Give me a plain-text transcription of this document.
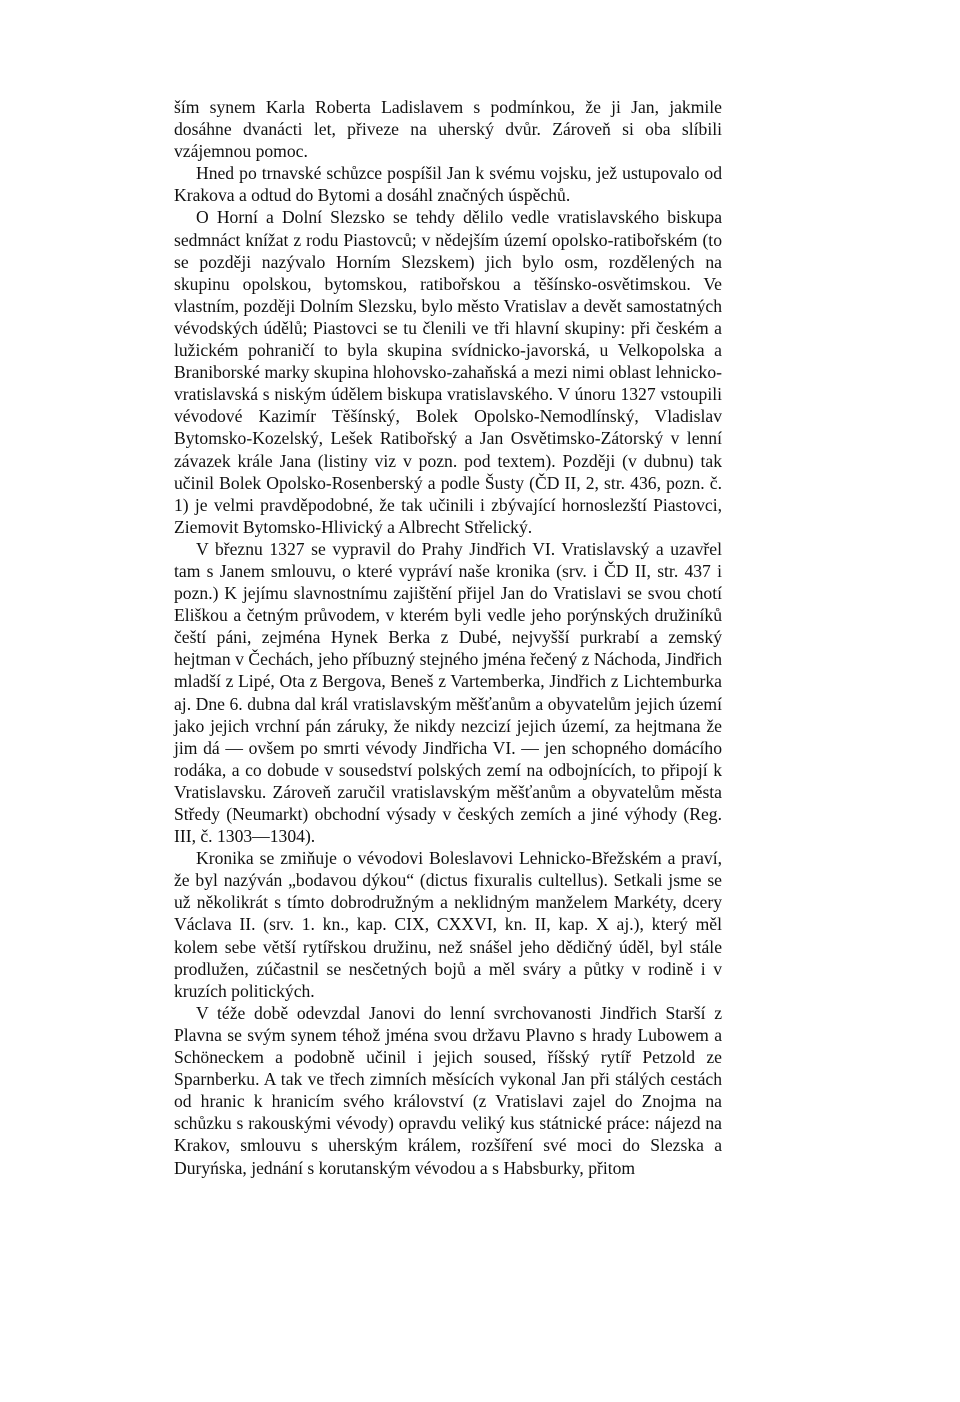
ším synem Karla Roberta Ladislavem s podmínkou, že ji Jan, jakmile dosáhne dvanácti let, přiveze na uherský dvůr. Zároveň si oba slíbili vzájemnou pomoc.

Hned po trnavské schůzce pospíšil Jan k svému vojsku, jež ustupovalo od Krakova a odtud do Bytomi a dosáhl značných úspěchů.

O Horní a Dolní Slezsko se tehdy dělilo vedle vratislavského biskupa sedmnáct knížat z rodu Piastovců; v nědejším území opolsko-ratibořském (to se později nazývalo Horním Slezskem) jich bylo osm, rozdělených na skupinu opolskou, bytomskou, ratibořskou a těšínsko-osvětimskou. Ve vlastním, později Dolním Slezsku, bylo město Vratislav a devět samostatných vévodských údělů; Piastovci se tu členili ve tři hlavní skupiny: při českém a lužickém pohraničí to byla skupina svídnicko-javorská, u Velkopolska a Braniborské marky skupina hlohovsko-zahaňská a mezi nimi oblast lehnicko-vratislavská s niským údělem biskupa vratislavského. V únoru 1327 vstoupili vévodové Kazimír Těšínský, Bolek Opolsko-Nemodlínský, Vladislav Bytomsko-Kozelský, Lešek Ratibořský a Jan Osvětimsko-Zátorský v lenní závazek krále Jana (listiny viz v pozn. pod textem). Později (v dubnu) tak učinil Bolek Opolsko-Rosenberský a podle Šusty (ČD II, 2, str. 436, pozn. č. 1) je velmi pravděpodobné, že tak učinili i zbývající hornoslezští Piastovci, Ziemovit Bytomsko-Hlivický a Albrecht Střelický.

V březnu 1327 se vypravil do Prahy Jindřich VI. Vratislavský a uzavřel tam s Janem smlouvu, o které vypráví naše kronika (srv. i ČD II, str. 437 i pozn.) K jejímu slavnostnímu zajištění přijel Jan do Vratislavi se svou chotí Eliškou a četným průvodem, v kterém byli vedle jeho porýnských družiníků čeští páni, zejména Hynek Berka z Dubé, nejvyšší purkrabí a zemský hejtman v Čechách, jeho příbuzný stejného jména řečený z Náchoda, Jindřich mladší z Lipé, Ota z Bergova, Beneš z Vartemberka, Jindřich z Lichtemburka aj. Dne 6. dubna dal král vratislavským měšťanům a obyvatelům jejich území jako jejich vrchní pán záruky, že nikdy nezcizí jejich území, za hejtmana že jim dá — ovšem po smrti vévody Jindřicha VI. — jen schopného domácího rodáka, a co dobude v sousedství polských zemí na odbojnících, to připojí k Vratislavsku. Zároveň zaručil vratislavským měšťanům a obyvatelům města Středy (Neumarkt) obchodní výsady v českých zemích a jiné výhody (Reg. III, č. 1303—1304).

Kronika se zmiňuje o vévodovi Boleslavovi Lehnicko-Břežském a praví, že byl nazýván „bodavou dýkou“ (dictus fixuralis cultellus). Setkali jsme se už několikrát s tímto dobrodružným a neklidným manželem Markéty, dcery Václava II. (srv. 1. kn., kap. CIX, CXXVI, kn. II, kap. X aj.), který měl kolem sebe větší rytířskou družinu, než snášel jeho dědičný úděl, byl stále prodlužen, zúčastnil se nesčetných bojů a měl sváry a půtky v rodině i v kruzích politických.

V téže době odevzdal Janovi do lenní svrchovanosti Jindřich Starší z Plavna se svým synem téhož jména svou državu Plavno s hrady Lubowem a Schöneckem a podobně učinil i jejich soused, říšský rytíř Petzold ze Sparnberku. A tak ve třech zimních měsících vykonal Jan při stálých cestách od hranic k hranicím svého království (z Vratislavi zajel do Znojma na schůzku s rakouskými vévody) opravdu veliký kus státnické práce: nájezd na Krakov, smlouvu s uherským králem, rozšíření své moci do Slezska a Duryńska, jednání s korutanským vévodou a s Habsburky, přitom
